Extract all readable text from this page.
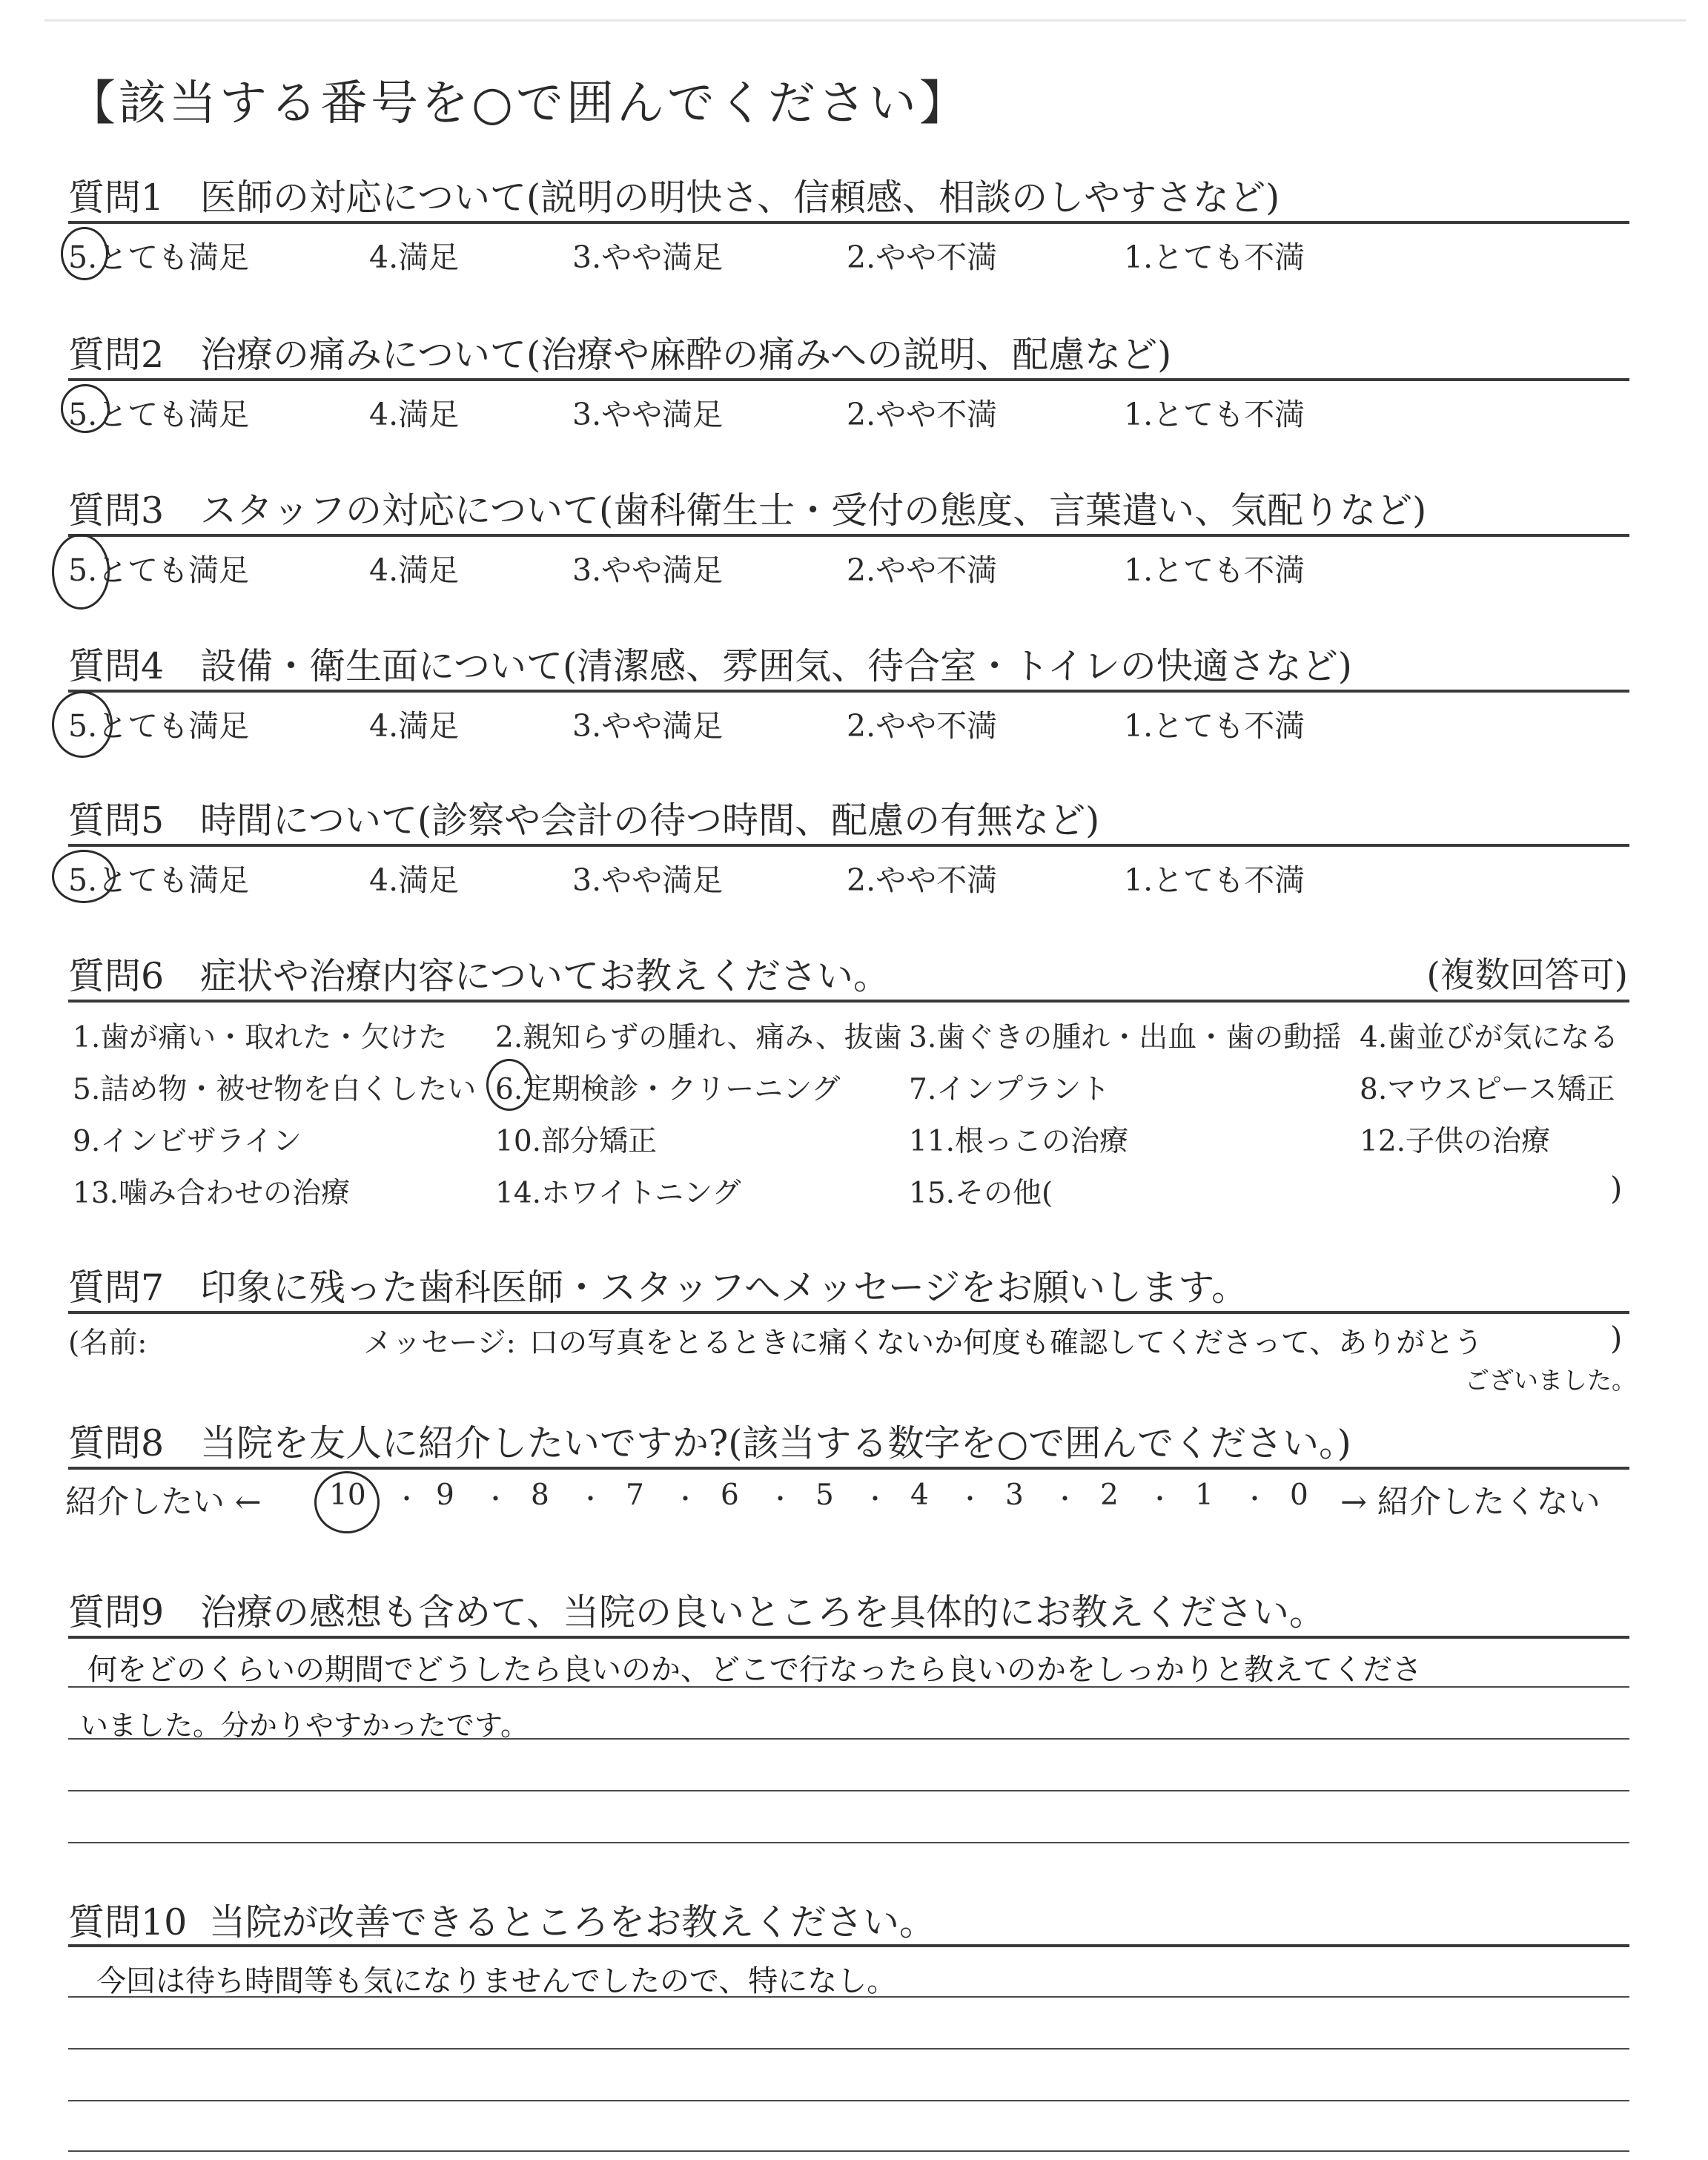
【該当する番号を○で囲んでください】
質問1 医師の対応について(説明の明快さ、信頼感、相談のしやすさなど)
5.とても満足	4.満足	3.やや満足	2.やや不満	1.とても不満
質問2 治療の痛みについて(治療や麻酔の痛みへの説明、配慮など)
5.とても満足	4.満足	3.やや満足	2.やや不満	1.とても不満
質問3 スタッフの対応について(歯科衛生士・受付の態度、言葉遣い、気配りなど)
5.とても満足	4.満足	3.やや満足	2.やや不満	1.とても不満
質問4 設備・衛生面について(清潔感、雰囲気、待合室・トイレの快適さなど)
5.とても満足	4.満足	3.やや満足	2.やや不満	1.とても不満
質問5 時間について(診察や会計の待つ時間、配慮の有無など)
5.とても満足	4.満足	3.やや満足	2.やや不満	1.とても不満
質問6 症状や治療内容についてお教えください。	(複数回答可)
1.歯が痛い・取れた・欠けた 2.親知らずの腫れ、痛み、抜歯 3.歯ぐきの腫れ・出血・歯の動揺 4.歯並びが気になる
5.詰め物・被せ物を白くしたい 6.定期検診・クリーニング 7.インプラント	8.マウスピース矯正
9.インビザライン	10.部分矯正	11.根っこの治療	12.子供の治療
13.噛み合わせの治療	14.ホワイトニング	15.その他(	)
質問7 印象に残った歯科医師・スタッフへメッセージをお願いします。
(名前:	メッセージ: 口の写真をとるときに痛くないか何度も確認してくださって、ありがとう	)
ございました。
質問8 当院を友人に紹介したいですか?(該当する数字を○で囲んでください。)
紹介したい ← 10 ・ 9 ・ 8 ・ 7 ・ 6 ・ 5 ・ 4 ・ 3 ・ 2 ・ 1 ・ 0 → 紹介したくない
質問9 治療の感想も含めて、当院の良いところを具体的にお教えください。
何をどのくらいの期間でどうしたら良いのか、どこで行なったら良いのかをしっかりと教えてくださ
いました。分かりやすかったです。
質問10 当院が改善できるところをお教えください。
今回は待ち時間等も気になりませんでしたので、特になし。
